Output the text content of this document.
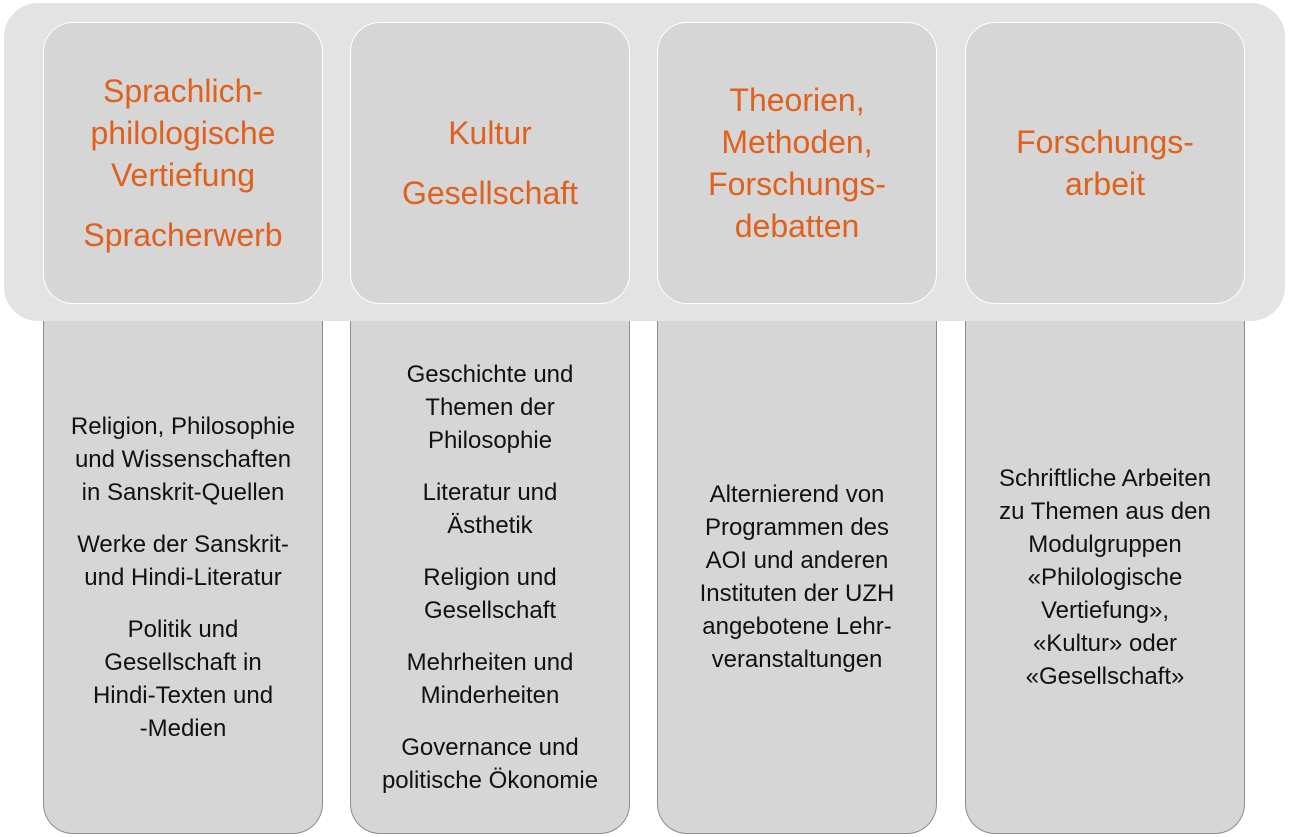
Sprachlich-
philologische
Vertiefung
Spracherwerb
Religion, Philosophie
und Wissenschaften
in Sanskrit-Quellen
Werke der Sanskrit-
und Hindi-Literatur
Politik und
Gesellschaft in
Hindi-Texten und
-Medien
Kultur
Gesellschaft
Geschichte und
Themen der
Philosophie
Literatur und
Ästhetik
Religion und
Gesellschaft
Mehrheiten und
Minderheiten
Governance und
politische Ökonomie
Theorien,
Methoden,
Forschungs-
debatten
Alternierend von
Programmen des
AOI und anderen
Instituten der UZH
angebotene Lehr-
veranstaltungen
Forschungs-
arbeit
Schriftliche Arbeiten
zu Themen aus den
Modulgruppen
«Philologische
Vertiefung»,
«Kultur» oder
«Gesellschaft»
